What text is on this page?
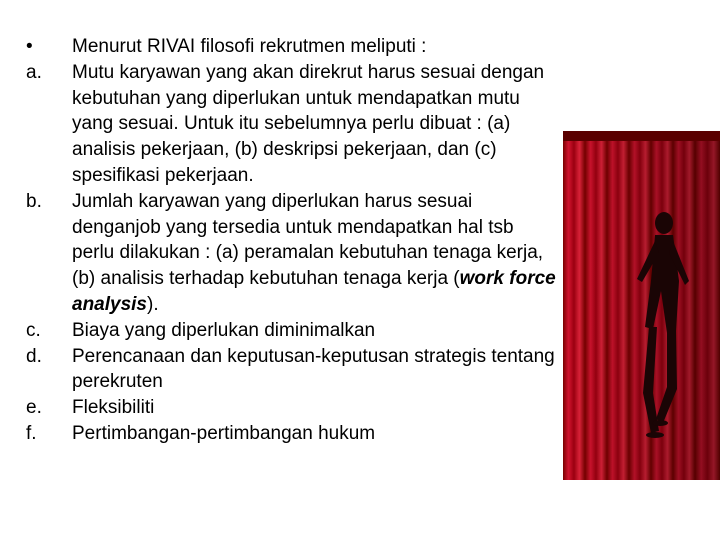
•	Menurut RIVAI filosofi rekrutmen meliputi :
a.	Mutu karyawan yang akan direkrut harus sesuai dengan kebutuhan yang diperlukan untuk mendapatkan mutu yang sesuai. Untuk itu sebelumnya perlu dibuat : (a) analisis pekerjaan, (b) deskripsi pekerjaan, dan (c) spesifikasi pekerjaan.
b.	Jumlah karyawan yang diperlukan harus sesuai denganjob yang tersedia untuk mendapatkan hal tsb perlu dilakukan : (a) peramalan kebutuhan tenaga kerja, (b) analisis terhadap kebutuhan tenaga kerja (work force analysis).
c.	Biaya yang diperlukan diminimalkan
d.	Perencanaan dan keputusan-keputusan strategis tentang perekruten
e.	Fleksibiliti
f.	Pertimbangan-pertimbangan hukum
